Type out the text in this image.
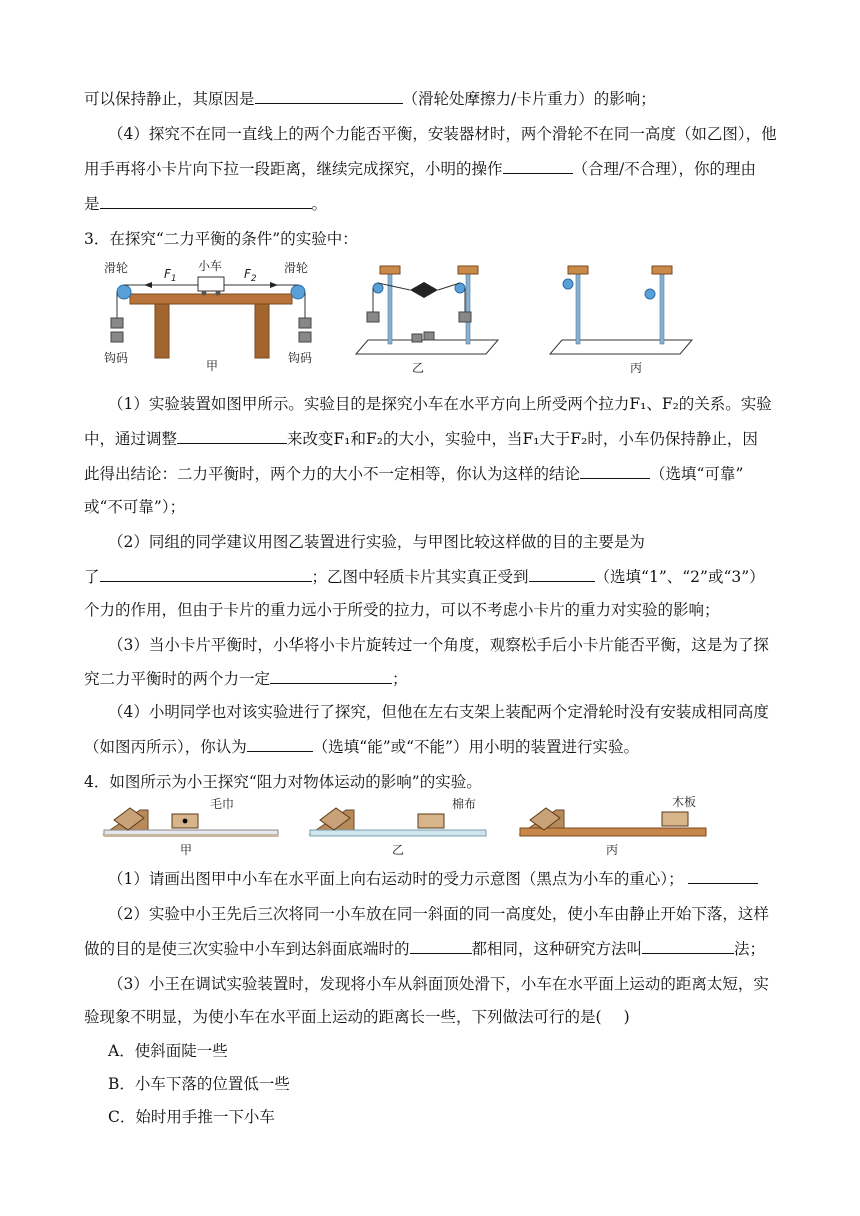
可以保持静止，其原因是	（滑轮处摩擦力/卡片重力）的影响；
（4）探究不在同一直线上的两个力能否平衡，安装器材时，两个滑轮不在同一高度（如乙图），他
用手再将小卡片向下拉一段距离，继续完成探究，小明的操作	（合理/不合理），你的理由
是	。
3．在探究“二力平衡的条件”的实验中：
滑轮	滑轮
小车
$F_1$	$F_2$
钩码	钩码
甲	乙	丙
（1）实验装置如图甲所示。实验目的是探究小车在水平方向上所受两个拉力F₁、F₂的关系。实验
中，通过调整	来改变F₁和F₂的大小，实验中，当F₁大于F₂时，小车仍保持静止，因
此得出结论：二力平衡时，两个力的大小不一定相等，你认为这样的结论	（选填“可靠”
或“不可靠”）；
（2）同组的同学建议用图乙装置进行实验，与甲图比较这样做的目的主要是为
了	；乙图中轻质卡片其实真正受到	（选填“1”、“2”或“3”）
个力的作用，但由于卡片的重力远小于所受的拉力，可以不考虑小卡片的重力对实验的影响；
（3）当小卡片平衡时，小华将小卡片旋转过一个角度，观察松手后小卡片能否平衡，这是为了探
究二力平衡时的两个力一定	；
（4）小明同学也对该实验进行了探究，但他在左右支架上装配两个定滑轮时没有安装成相同高度
（如图丙所示），你认为	（选填“能”或“不能”）用小明的装置进行实验。
4．如图所示为小王探究“阻力对物体运动的影响”的实验。
毛巾	棉布	木板
甲	乙	丙
（1）请画出图甲中小车在水平面上向右运动时的受力示意图（黑点为小车的重心）；
（2）实验中小王先后三次将同一小车放在同一斜面的同一高度处，使小车由静止开始下落，这样
做的目的是使三次实验中小车到达斜面底端时的	都相同，这种研究方法叫	法；
（3）小王在调试实验装置时，发现将小车从斜面顶处滑下，小车在水平面上运动的距离太短，实
验现象不明显，为使小车在水平面上运动的距离长一些，下列做法可行的是( )
A．使斜面陡一些
B．小车下落的位置低一些
C．始时用手推一下小车
